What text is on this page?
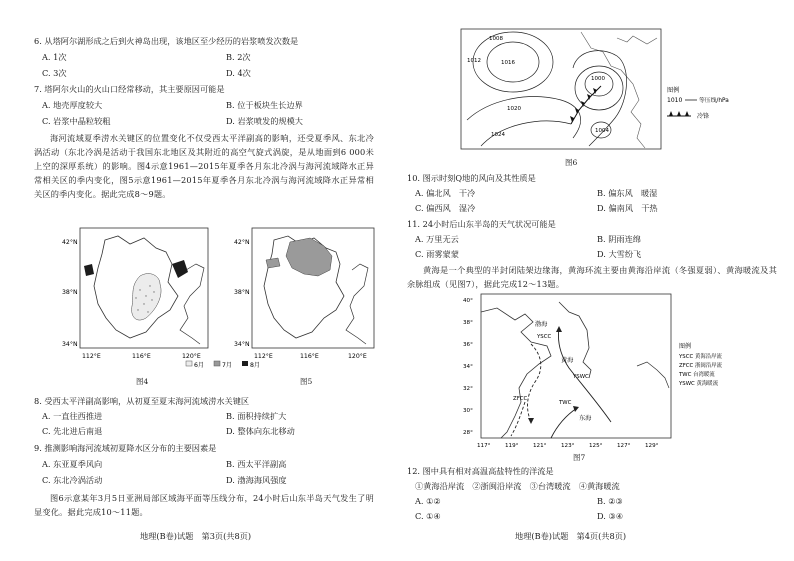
6. 从塔阿尔湖形成之后到火神岛出现，该地区至少经历的岩浆喷发次数是
A. 1次	B. 2次
C. 3次	D. 4次
7. 塔阿尔火山的火山口经常移动，其主要原因可能是
A. 地壳厚度较大	B. 位于板块生长边界
C. 岩浆中晶粒较粗	D. 岩浆喷发的规模大
海河流域夏季涝水关键区的位置变化不仅受西太平洋副高的影响，还受夏季风、东北冷涡活动（东北冷涡是活动于我国东北地区及其附近的高空气旋式涡旋，是从地面到6 000米上空的深厚系统）的影响。图4示意1961—2015年夏季各月东北冷涡与海河流域降水正异常相关区的季内变化，图5示意1961—2015年夏季各月东北冷涡与海河流域降水正异常相关区的季内变化。据此完成8～9题。
42°N
38°N
34°N
112°E	116°E	120°E
6月	7月	8月
42°N
38°N
34°N
112°E	116°E	120°E
图4	图5
8. 受西太平洋副高影响，从初夏至夏末海河流域涝水关键区
A. 一直往西推进	B. 面积持续扩大
C. 先北进后南退	D. 整体向东北移动
9. 推测影响海河流域初夏降水区分布的主要因素是
A. 东亚夏季风向	B. 西太平洋副高
C. 东北冷涡活动	D. 渤海海风强度
图6示意某年3月5日亚洲局部区域海平面等压线分布，24小时后山东半岛天气发生了明显变化。据此完成10～11题。
地理(B卷)试题　第3页(共8页)
1008
1012	1016
1020
1024
1000
1004
图例
1010	等压线/hPa
冷锋
图6
10. 图示时刻Q地的风向及其性质是
A. 偏北风　干冷	B. 偏东风　暖湿
C. 偏西风　湿冷	D. 偏南风　干热
11. 24小时后山东半岛的天气状况可能是
A. 万里无云	B. 阴雨连绵
C. 雨雾蒙蒙	D. 大雪纷飞
黄海是一个典型的半封闭陆架边缘海，黄海环流主要由黄海沿岸流（冬强夏弱）、黄海暖流及其余脉组成（见图7），据此完成12～13题。
渤海
黄海
东海
YSCC
YSWC
ZFCC
TWC
40°
38°
36°
34°
32°
30°
28°
117°	119°	121°	123°	125°	127°	129°
图例
YSCC 黄海沿岸流
ZFCC 浙闽沿岸流
TWC 台湾暖流
YSWC 黄海暖流
图7
12. 图中具有相对高温高盐特性的洋流是
①黄海沿岸流　②浙闽沿岸流　③台湾暖流　④黄海暖流
A. ①②	B. ②③
C. ①④	D. ③④
地理(B卷)试题　第4页(共8页)
